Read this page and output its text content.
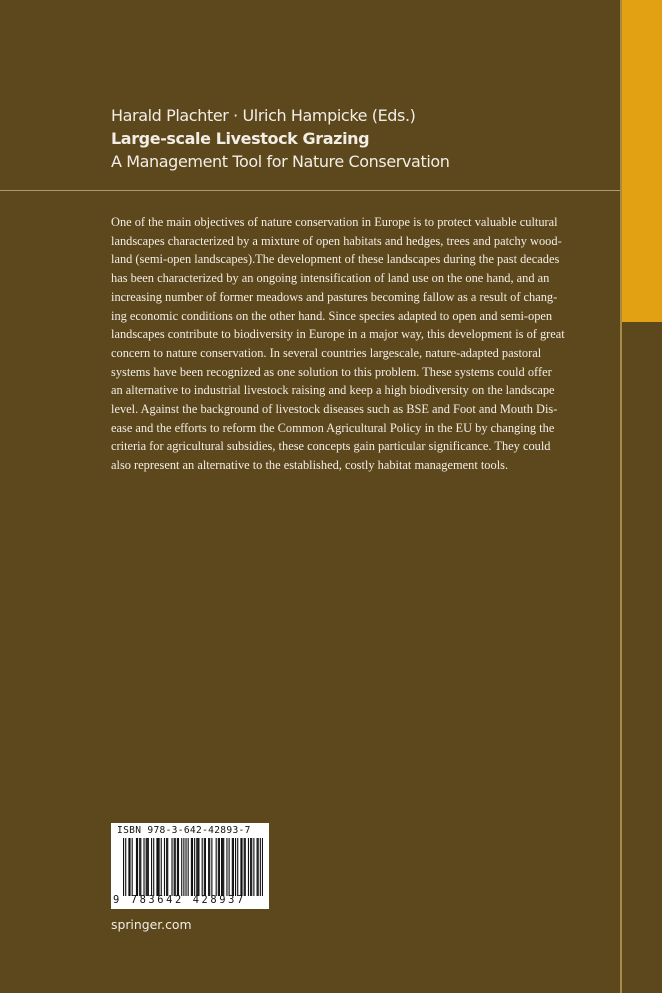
Harald Plachter · Ulrich Hampicke (Eds.)
Large-scale Livestock Grazing
A Management Tool for Nature Conservation
One of the main objectives of nature conservation in Europe is to protect valuable cultural
landscapes characterized by a mixture of open habitats and hedges, trees and patchy wood-
land (semi-open landscapes).The development of these landscapes during the past decades
has been characterized by an ongoing intensification of land use on the one hand, and an
increasing number of former meadows and pastures becoming fallow as a result of chang-
ing economic conditions on the other hand. Since species adapted to open and semi-open
landscapes contribute to biodiversity in Europe in a major way, this development is of great
concern to nature conservation. In several countries largescale, nature-adapted pastoral
systems have been recognized as one solution to this problem. These systems could offer
an alternative to industrial livestock raising and keep a high biodiversity on the landscape
level. Against the background of livestock diseases such as BSE and Foot and Mouth Dis-
ease and the efforts to reform the Common Agricultural Policy in the EU by changing the
criteria for agricultural subsidies, these concepts gain particular significance. They could
also represent an alternative to the established, costly habitat management tools.
ISBN 978-3-642-42893-7
9 783642 428937
springer.com
